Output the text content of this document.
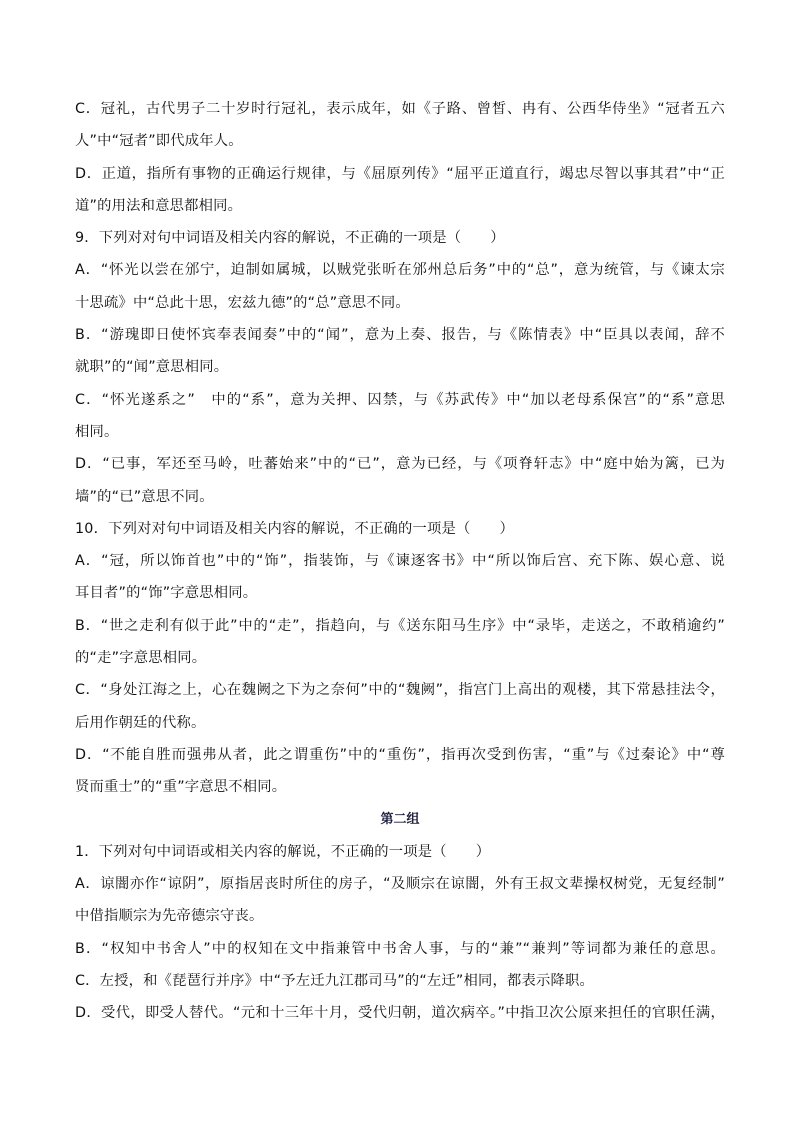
C．冠礼，古代男子二十岁时行冠礼，表示成年，如《子路、曾皙、冉有、公西华侍坐》“冠者五六
人”中“冠者”即代成年人。
D．正道，指所有事物的正确运行规律，与《屈原列传》“屈平正道直行，竭忠尽智以事其君”中“正
道”的用法和意思都相同。
9．下列对对句中词语及相关内容的解说，不正确的一项是（　　）
A．“怀光以尝在邠宁，迫制如属城，以贼党张昕在邠州总后务”中的“总”，意为统管，与《谏太宗
十思疏》中“总此十思，宏兹九德”的“总”意思不同。
B．“游瑰即日使怀宾奉表闻奏”中的“闻”，意为上奏、报告，与《陈情表》中“臣具以表闻，辞不
就职”的“闻”意思相同。
C．“怀光遂系之”　中的“系”，意为关押、囚禁，与《苏武传》中“加以老母系保宫”的“系”意思
相同。
D．“已事，军还至马岭，吐蕃始来”中的“已”，意为已经，与《项脊轩志》中“庭中始为篱，已为
墙”的“已”意思不同。
10．下列对对句中词语及相关内容的解说，不正确的一项是（　　）
A．“冠，所以饰首也”中的“饰”，指装饰，与《谏逐客书》中“所以饰后宫、充下陈、娱心意、说
耳目者”的“饰”字意思相同。
B．“世之走利有似于此”中的“走”，指趋向，与《送东阳马生序》中“录毕，走送之，不敢稍逾约”
的“走”字意思相同。
C．“身处江海之上，心在魏阙之下为之奈何”中的“魏阙”，指宫门上高出的观楼，其下常悬挂法令，
后用作朝廷的代称。
D．“不能自胜而强弗从者，此之谓重伤”中的“重伤”，指再次受到伤害，“重”与《过秦论》中“尊
贤而重士”的“重”字意思不相同。
第二组
1．下列对句中词语或相关内容的解说，不正确的一项是（　　）
A．谅闇亦作“谅阴”，原指居丧时所住的房子，“及顺宗在谅闇，外有王叔文辈操权树党，无复经制”
中借指顺宗为先帝德宗守丧。
B．“权知中书舍人”中的权知在文中指兼管中书舍人事，与的“兼”“兼判”等词都为兼任的意思。
C．左授，和《琵琶行并序》中“予左迁九江郡司马”的“左迁”相同，都表示降职。
D．受代，即受人替代。“元和十三年十月，受代归朝，道次病卒。”中指卫次公原来担任的官职任满，
